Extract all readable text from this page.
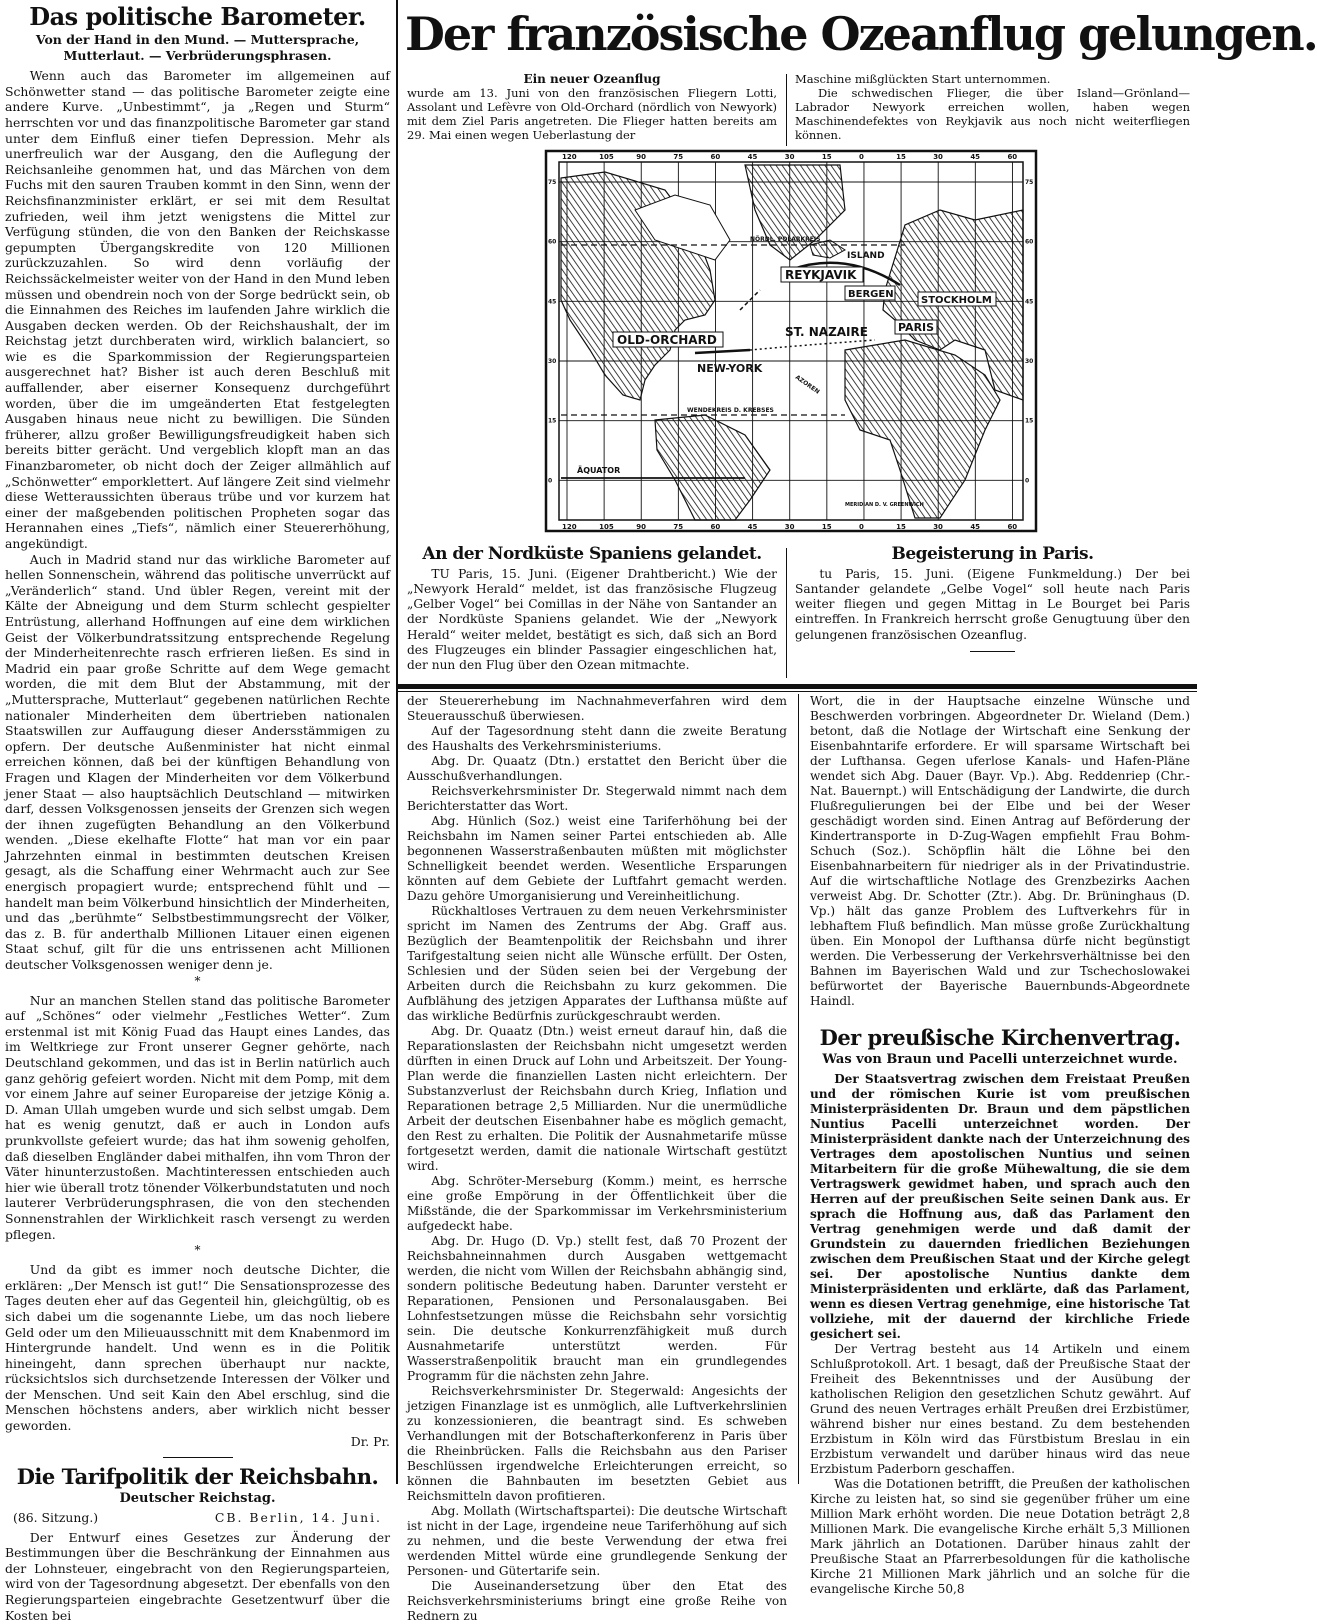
Das politische Barometer.
Von der Hand in den Mund. — Muttersprache, Mutterlaut. — Verbrüderungsphrasen.

Wenn auch das Barometer im allgemeinen auf Schönwetter stand — das politische Barometer zeigte eine andere Kurve. „Unbestimmt“, ja „Regen und Sturm“ herrschten vor und das finanzpolitische Barometer gar stand unter dem Einfluß einer tiefen Depression. Mehr als unerfreulich war der Ausgang, den die Auflegung der Reichsanleihe genommen hat, und das Märchen von dem Fuchs mit den sauren Trauben kommt in den Sinn, wenn der Reichsfinanzminister erklärt, er sei mit dem Resultat zufrieden, weil ihm jetzt wenigstens die Mittel zur Verfügung stünden, die von den Banken der Reichskasse gepumpten Übergangskredite von 120 Millionen zurückzuzahlen. So wird denn vorläufig der Reichssäckelmeister weiter von der Hand in den Mund leben müssen und obendrein noch von der Sorge bedrückt sein, ob die Einnahmen des Reiches im laufenden Jahre wirklich die Ausgaben decken werden. Ob der Reichshaushalt, der im Reichstag jetzt durchberaten wird, wirklich balanciert, so wie es die Sparkommission der Regierungsparteien ausgerechnet hat? Bisher ist auch deren Beschluß mit auffallender, aber eiserner Konsequenz durchgeführt worden, über die im umgeänderten Etat festgelegten Ausgaben hinaus neue nicht zu bewilligen. Die Sünden früherer, allzu großer Bewilligungsfreudigkeit haben sich bereits bitter gerächt. Und vergeblich klopft man an das Finanzbarometer, ob nicht doch der Zeiger allmählich auf „Schönwetter“ emporklettert. Auf längere Zeit sind vielmehr diese Wetteraussichten überaus trübe und vor kurzem hat einer der maßgebenden politischen Propheten sogar das Herannahen eines „Tiefs“, nämlich einer Steuererhöhung, angekündigt.

Auch in Madrid stand nur das wirkliche Barometer auf hellen Sonnenschein, während das politische unverrückt auf „Veränderlich“ stand. Und übler Regen, vereint mit der Kälte der Abneigung und dem Sturm schlecht gespielter Entrüstung, allerhand Hoffnungen auf eine dem wirklichen Geist der Völkerbundratssitzung entsprechende Regelung der Minderheitenrechte rasch erfrieren ließen. Es sind in Madrid ein paar große Schritte auf dem Wege gemacht worden, die mit dem Blut der Abstammung, mit der „Muttersprache, Mutterlaut“ gegebenen natürlichen Rechte nationaler Minderheiten dem übertrieben nationalen Staatswillen zur Auffaugung dieser Andersstämmigen zu opfern. Der deutsche Außenminister hat nicht einmal erreichen können, daß bei der künftigen Behandlung von Fragen und Klagen der Minderheiten vor dem Völkerbund jener Staat — also hauptsächlich Deutschland — mitwirken darf, dessen Volksgenossen jenseits der Grenzen sich wegen der ihnen zugefügten Behandlung an den Völkerbund wenden. „Diese ekelhafte Flotte“ hat man vor ein paar Jahrzehnten einmal in bestimmten deutschen Kreisen gesagt, als die Schaffung einer Wehrmacht auch zur See energisch propagiert wurde; entsprechend fühlt und — handelt man beim Völkerbund hinsichtlich der Minderheiten, und das „berühmte“ Selbstbestimmungsrecht der Völker, das z. B. für anderthalb Millionen Litauer einen eigenen Staat schuf, gilt für die uns entrissenen acht Millionen deutscher Volksgenossen weniger denn je.

*

Nur an manchen Stellen stand das politische Barometer auf „Schönes“ oder vielmehr „Festliches Wetter“. Zum erstenmal ist mit König Fuad das Haupt eines Landes, das im Weltkriege zur Front unserer Gegner gehörte, nach Deutschland gekommen, und das ist in Berlin natürlich auch ganz gehörig gefeiert worden. Nicht mit dem Pomp, mit dem vor einem Jahre auf seiner Europareise der jetzige König a. D. Aman Ullah umgeben wurde und sich selbst umgab. Dem hat es wenig genutzt, daß er auch in London aufs prunkvollste gefeiert wurde; das hat ihm sowenig geholfen, daß dieselben Engländer dabei mithalfen, ihn vom Thron der Väter hinunterzustoßen. Machtinteressen entschieden auch hier wie überall trotz tönender Völkerbundstatuten und noch lauterer Verbrüderungsphrasen, die von den stechenden Sonnenstrahlen der Wirklichkeit rasch versengt zu werden pflegen.

*

Und da gibt es immer noch deutsche Dichter, die erklären: „Der Mensch ist gut!“ Die Sensationsprozesse des Tages deuten eher auf das Gegenteil hin, gleichgültig, ob es sich dabei um die sogenannte Liebe, um das noch liebere Geld oder um den Milieuausschnitt mit dem Knabenmord im Hintergrunde handelt. Und wenn es in die Politik hineingeht, dann sprechen überhaupt nur nackte, rücksichtslos sich durchsetzende Interessen der Völker und der Menschen. Und seit Kain den Abel erschlug, sind die Menschen höchstens anders, aber wirklich nicht besser geworden.

Dr. Pr.
Die Tarifpolitik der Reichsbahn.
Deutscher Reichstag.
(86. Sitzung.)	CB. Berlin, 14. Juni.

Der Entwurf eines Gesetzes zur Änderung der Bestimmungen über die Beschränkung der Einnahmen aus der Lohnsteuer, eingebracht von den Regierungsparteien, wird von der Tagesordnung abgesetzt. Der ebenfalls von den Regierungsparteien eingebrachte Gesetzentwurf über die Kosten bei

Der französische Ozeanflug gelungen.
Ein neuer Ozeanflug

wurde am 13. Juni von den französischen Fliegern Lotti, Assolant und Lefèvre von Old-Orchard (nördlich von Newyork) mit dem Ziel Paris angetreten. Die Flieger hatten bereits am 29. Mai einen wegen Ueberlastung der

Maschine mißglückten Start unternommen.

Die schwedischen Flieger, die über Island—Grönland—Labrador Newyork erreichen wollen, haben wegen Maschinendefektes von Reykjavik aus noch nicht weiterfliegen können.

OLD-ORCHARD
NEW-YORK
REYKJAVIK
ISLAND
BERGEN
STOCKHOLM
ST. NAZAIRE	PARIS
ÄQUATOR
NÖRDL. POLARKREIS
WENDEKREIS D. KREBSES
AZOREN
MERIDIAN D. V. GREENWICH
120	105	90	75	60	45	30	15	0	15	30	45	60
120	105	90	75	60	45	30	15	0	15	30	45	60
75	75
60	60
45	45
30	30
15	15
0	0
An der Nordküste Spaniens gelandet.

TU Paris, 15. Juni. (Eigener Drahtbericht.) Wie der „Newyork Herald“ meldet, ist das französische Flugzeug „Gelber Vogel“ bei Comillas in der Nähe von Santander an der Nordküste Spaniens gelandet. Wie der „Newyork Herald“ weiter meldet, bestätigt es sich, daß sich an Bord des Flugzeuges ein blinder Passagier eingeschlichen hat, der nun den Flug über den Ozean mitmachte.

Begeisterung in Paris.

tu Paris, 15. Juni. (Eigene Funkmeldung.) Der bei Santander gelandete „Gelbe Vogel“ soll heute nach Paris weiter fliegen und gegen Mittag in Le Bourget bei Paris eintreffen. In Frankreich herrscht große Genugtuung über den gelungenen französischen Ozeanflug.

der Steuererhebung im Nachnahmeverfahren wird dem Steuerausschuß überwiesen.

Auf der Tagesordnung steht dann die zweite Beratung des Haushalts des Verkehrsministeriums.

Abg. Dr. Quaatz (Dtn.) erstattet den Bericht über die Ausschußverhandlungen.

Reichsverkehrsminister Dr. Stegerwald nimmt nach dem Berichterstatter das Wort.

Abg. Hünlich (Soz.) weist eine Tariferhöhung bei der Reichsbahn im Namen seiner Partei entschieden ab. Alle begonnenen Wasserstraßenbauten müßten mit möglichster Schnelligkeit beendet werden. Wesentliche Ersparungen könnten auf dem Gebiete der Luftfahrt gemacht werden. Dazu gehöre Umorganisierung und Vereinheitlichung.

Rückhaltloses Vertrauen zu dem neuen Verkehrsminister spricht im Namen des Zentrums der Abg. Graff aus. Bezüglich der Beamtenpolitik der Reichsbahn und ihrer Tarifgestaltung seien nicht alle Wünsche erfüllt. Der Osten, Schlesien und der Süden seien bei der Vergebung der Arbeiten durch die Reichsbahn zu kurz gekommen. Die Aufblähung des jetzigen Apparates der Lufthansa müßte auf das wirkliche Bedürfnis zurückgeschraubt werden.

Abg. Dr. Quaatz (Dtn.) weist erneut darauf hin, daß die Reparationslasten der Reichsbahn nicht umgesetzt werden dürften in einen Druck auf Lohn und Arbeitszeit. Der Young-Plan werde die finanziellen Lasten nicht erleichtern. Der Substanzverlust der Reichsbahn durch Krieg, Inflation und Reparationen betrage 2,5 Milliarden. Nur die unermüdliche Arbeit der deutschen Eisenbahner habe es möglich gemacht, den Rest zu erhalten. Die Politik der Ausnahmetarife müsse fortgesetzt werden, damit die nationale Wirtschaft gestützt wird.

Abg. Schröter-Merseburg (Komm.) meint, es herrsche eine große Empörung in der Öffentlichkeit über die Mißstände, die der Sparkommissar im Verkehrsministerium aufgedeckt habe.

Abg. Dr. Hugo (D. Vp.) stellt fest, daß 70 Prozent der Reichsbahneinnahmen durch Ausgaben wettgemacht werden, die nicht vom Willen der Reichsbahn abhängig sind, sondern politische Bedeutung haben. Darunter versteht er Reparationen, Pensionen und Personalausgaben. Bei Lohnfestsetzungen müsse die Reichsbahn sehr vorsichtig sein. Die deutsche Konkurrenzfähigkeit muß durch Ausnahmetarife unterstützt werden. Für Wasserstraßenpolitik braucht man ein grundlegendes Programm für die nächsten zehn Jahre.

Reichsverkehrsminister Dr. Stegerwald: Angesichts der jetzigen Finanzlage ist es unmöglich, alle Luftverkehrslinien zu konzessionieren, die beantragt sind. Es schweben Verhandlungen mit der Botschafterkonferenz in Paris über die Rheinbrücken. Falls die Reichsbahn aus den Pariser Beschlüssen irgendwelche Erleichterungen erreicht, so können die Bahnbauten im besetzten Gebiet aus Reichsmitteln davon profitieren.

Abg. Mollath (Wirtschaftspartei): Die deutsche Wirtschaft ist nicht in der Lage, irgendeine neue Tariferhöhung auf sich zu nehmen, und die beste Verwendung der etwa frei werdenden Mittel würde eine grundlegende Senkung der Personen- und Gütertarife sein.

Die Auseinandersetzung über den Etat des Reichsverkehrsministeriums bringt eine große Reihe von Rednern zu

Wort, die in der Hauptsache einzelne Wünsche und Beschwerden vorbringen. Abgeordneter Dr. Wieland (Dem.) betont, daß die Notlage der Wirtschaft eine Senkung der Eisenbahntarife erfordere. Er will sparsame Wirtschaft bei der Lufthansa. Gegen uferlose Kanals- und Hafen-Pläne wendet sich Abg. Dauer (Bayr. Vp.). Abg. Reddenriep (Chr.-Nat. Bauernpt.) will Entschädigung der Landwirte, die durch Flußregulierungen bei der Elbe und bei der Weser geschädigt worden sind. Einen Antrag auf Beförderung der Kindertransporte in D-Zug-Wagen empfiehlt Frau Bohm-Schuch (Soz.). Schöpflin hält die Löhne bei den Eisenbahnarbeitern für niedriger als in der Privatindustrie. Auf die wirtschaftliche Notlage des Grenzbezirks Aachen verweist Abg. Dr. Schotter (Ztr.). Abg. Dr. Brüninghaus (D. Vp.) hält das ganze Problem des Luftverkehrs für in lebhaftem Fluß befindlich. Man müsse große Zurückhaltung üben. Ein Monopol der Lufthansa dürfe nicht begünstigt werden. Die Verbesserung der Verkehrsverhältnisse bei den Bahnen im Bayerischen Wald und zur Tschechoslowakei befürwortet der Bayerische Bauernbunds-Abgeordnete Haindl.

Der preußische Kirchenvertrag.
Was von Braun und Pacelli unterzeichnet wurde.

Der Staatsvertrag zwischen dem Freistaat Preußen und der römischen Kurie ist vom preußischen Ministerpräsidenten Dr. Braun und dem päpstlichen Nuntius Pacelli unterzeichnet worden. Der Ministerpräsident dankte nach der Unterzeichnung des Vertrages dem apostolischen Nuntius und seinen Mitarbeitern für die große Mühewaltung, die sie dem Vertragswerk gewidmet haben, und sprach auch den Herren auf der preußischen Seite seinen Dank aus. Er sprach die Hoffnung aus, daß das Parlament den Vertrag genehmigen werde und daß damit der Grundstein zu dauernden friedlichen Beziehungen zwischen dem Preußischen Staat und der Kirche gelegt sei. Der apostolische Nuntius dankte dem Ministerpräsidenten und erklärte, daß das Parlament, wenn es diesen Vertrag genehmige, eine historische Tat vollziehe, mit der dauernd der kirchliche Friede gesichert sei.

Der Vertrag besteht aus 14 Artikeln und einem Schlußprotokoll. Art. 1 besagt, daß der Preußische Staat der Freiheit des Bekenntnisses und der Ausübung der katholischen Religion den gesetzlichen Schutz gewährt. Auf Grund des neuen Vertrages erhält Preußen drei Erzbistümer, während bisher nur eines bestand. Zu dem bestehenden Erzbistum in Köln wird das Fürstbistum Breslau in ein Erzbistum verwandelt und darüber hinaus wird das neue Erzbistum Paderborn geschaffen.

Was die Dotationen betrifft, die Preußen der katholischen Kirche zu leisten hat, so sind sie gegenüber früher um eine Million Mark erhöht worden. Die neue Dotation beträgt 2,8 Millionen Mark. Die evangelische Kirche erhält 5,3 Millionen Mark jährlich an Dotationen. Darüber hinaus zahlt der Preußische Staat an Pfarrerbesoldungen für die katholische Kirche 21 Millionen Mark jährlich und an solche für die evangelische Kirche 50,8
